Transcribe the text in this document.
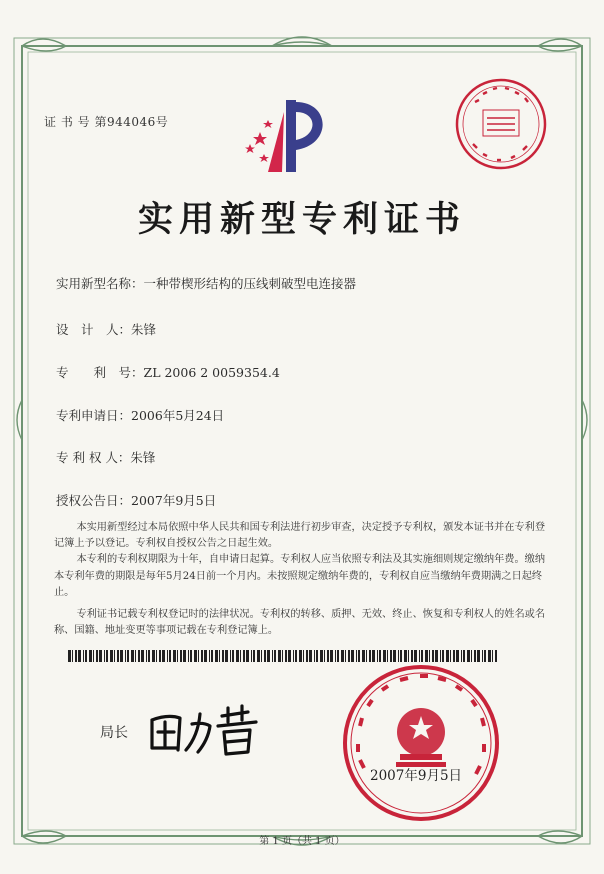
证 书 号 第944046号
实用新型专利证书
实用新型名称：一种带楔形结构的压线刺破型电连接器
设　计　人：朱锋
专　　利　号：ZL 2006 2 0059354.4
专利申请日：2006年5月24日
专 利 权 人：朱锋
授权公告日：2007年9月5日

本实用新型经过本局依照中华人民共和国专利法进行初步审查，决定授予专利权，颁发本证书并在专利登记簿上予以登记。专利权自授权公告之日起生效。

本专利的专利权期限为十年，自申请日起算。专利权人应当依照专利法及其实施细则规定缴纳年费。缴纳本专利年费的期限是每年5月24日前一个月内。未按照规定缴纳年费的，专利权自应当缴纳年费期满之日起终止。

专利证书记载专利权登记时的法律状况。专利权的转移、质押、无效、终止、恢复和专利权人的姓名或名称、国籍、地址变更等事项记载在专利登记簿上。

局长
2007年9月5日
第 1 页（共 1 页）
